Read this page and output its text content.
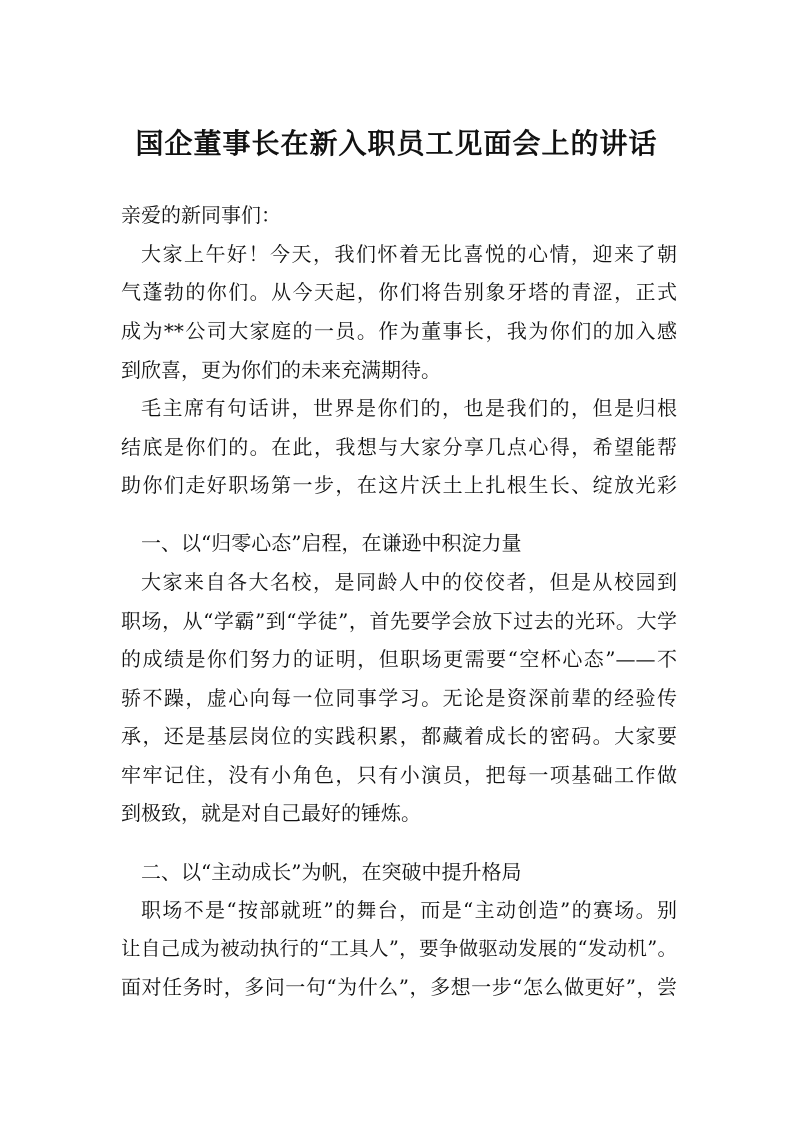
国企董事长在新入职员工见面会上的讲话
亲爱的新同事们：
大家上午好！今天，我们怀着无比喜悦的心情，迎来了朝
气蓬勃的你们。从今天起，你们将告别象牙塔的青涩，正式
成为**公司大家庭的一员。作为董事长，我为你们的加入感
到欣喜，更为你们的未来充满期待。
毛主席有句话讲，世界是你们的，也是我们的，但是归根
结底是你们的。在此，我想与大家分享几点心得，希望能帮
助你们走好职场第一步，在这片沃土上扎根生长、绽放光彩
一、以“归零心态”启程，在谦逊中积淀力量
大家来自各大名校，是同龄人中的佼佼者，但是从校园到
职场，从“学霸”到“学徒”，首先要学会放下过去的光环。大学
的成绩是你们努力的证明，但职场更需要“空杯心态”——不
骄不躁，虚心向每一位同事学习。无论是资深前辈的经验传
承，还是基层岗位的实践积累，都藏着成长的密码。大家要
牢牢记住，没有小角色，只有小演员，把每一项基础工作做
到极致，就是对自己最好的锤炼。
二、以“主动成长”为帆，在突破中提升格局
职场不是“按部就班”的舞台，而是“主动创造”的赛场。别
让自己成为被动执行的“工具人”，要争做驱动发展的“发动机”。
面对任务时，多问一句“为什么”，多想一步“怎么做更好”，尝
